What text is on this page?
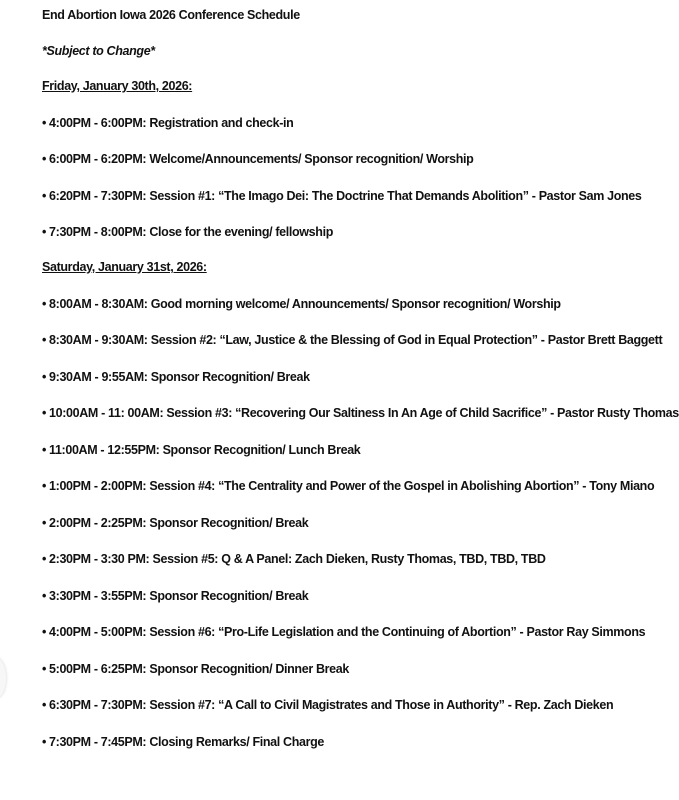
End Abortion Iowa 2026 Conference Schedule
*Subject to Change*
Friday, January 30th, 2026:
• 4:00PM - 6:00PM: Registration and check-in
• 6:00PM - 6:20PM: Welcome/Announcements/ Sponsor recognition/ Worship
• 6:20PM - 7:30PM: Session #1: “The Imago Dei: The Doctrine That Demands Abolition” - Pastor Sam Jones
• 7:30PM - 8:00PM: Close for the evening/ fellowship
Saturday, January 31st, 2026:
• 8:00AM - 8:30AM: Good morning welcome/ Announcements/ Sponsor recognition/ Worship
• 8:30AM - 9:30AM: Session #2: “Law, Justice & the Blessing of God in Equal Protection” - Pastor Brett Baggett
• 9:30AM - 9:55AM: Sponsor Recognition/ Break
• 10:00AM - 11: 00AM: Session #3: “Recovering Our Saltiness In An Age of Child Sacrifice” - Pastor Rusty Thomas
• 11:00AM - 12:55PM: Sponsor Recognition/ Lunch Break
• 1:00PM - 2:00PM: Session #4: “The Centrality and Power of the Gospel in Abolishing Abortion” - Tony Miano
• 2:00PM - 2:25PM: Sponsor Recognition/ Break
• 2:30PM - 3:30 PM: Session #5: Q & A Panel: Zach Dieken, Rusty Thomas, TBD, TBD, TBD
• 3:30PM - 3:55PM: Sponsor Recognition/ Break
• 4:00PM - 5:00PM: Session #6: “Pro-Life Legislation and the Continuing of Abortion” - Pastor Ray Simmons
• 5:00PM - 6:25PM: Sponsor Recognition/ Dinner Break
• 6:30PM - 7:30PM: Session #7: “A Call to Civil Magistrates and Those in Authority” - Rep. Zach Dieken
• 7:30PM - 7:45PM: Closing Remarks/ Final Charge
